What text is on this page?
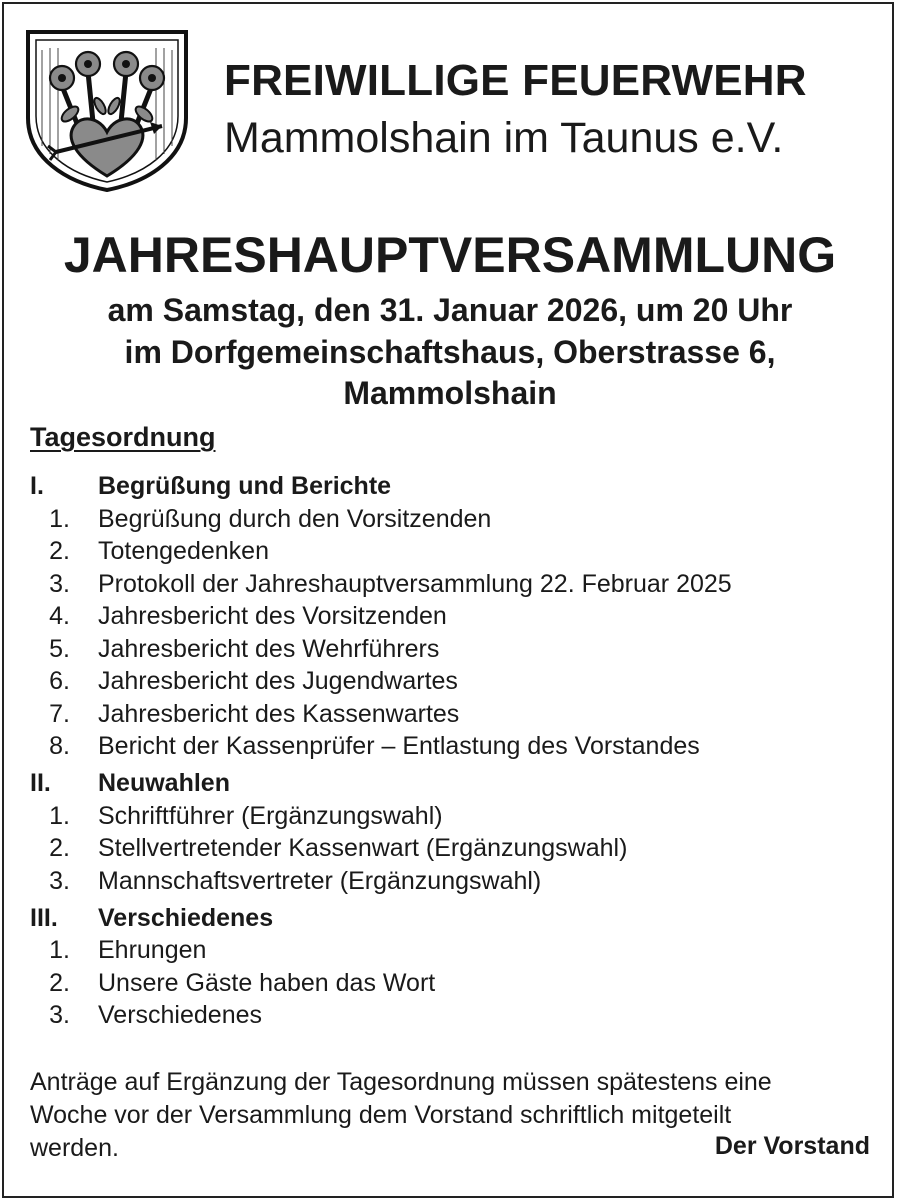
FREIWILLIGE FEUERWEHR
Mammolshain im Taunus e.V.
JAHRESHAUPTVERSAMMLUNG
am Samstag, den 31. Januar 2026, um 20 Uhr
im Dorfgemeinschaftshaus, Oberstrasse 6,
Mammolshain
Tagesordnung
I.	Begrüßung und Berichte
1. Begrüßung durch den Vorsitzenden
2. Totengedenken
3. Protokoll der Jahreshauptversammlung 22. Februar 2025
4. Jahresbericht des Vorsitzenden
5. Jahresbericht des Wehrführers
6. Jahresbericht des Jugendwartes
7. Jahresbericht des Kassenwartes
8. Bericht der Kassenprüfer – Entlastung des Vorstandes
II.	Neuwahlen
1. Schriftführer (Ergänzungswahl)
2. Stellvertretender Kassenwart (Ergänzungswahl)
3. Mannschaftsvertreter (Ergänzungswahl)
III.	Verschiedenes
1. Ehrungen
2. Unsere Gäste haben das Wort
3. Verschiedenes
Anträge auf Ergänzung der Tagesordnung müssen spätestens eine
Woche vor der Versammlung dem Vorstand schriftlich mitgeteilt
werden.	Der Vorstand
